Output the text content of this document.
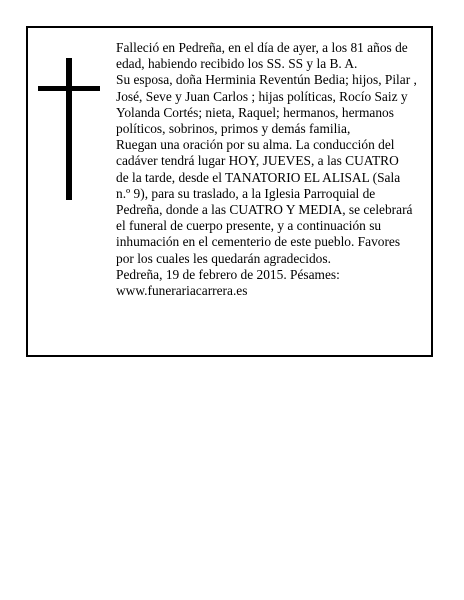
Falleció en Pedreña, en el día de ayer, a los 81 años de
edad, habiendo recibido los SS. SS y la B. A.

Su esposa, doña Herminia Reventún Bedia; hijos, Pilar ,
José, Seve y Juan Carlos ; hijas políticas, Rocío Saiz y
Yolanda Cortés; nieta, Raquel; hermanos, hermanos
políticos, sobrinos, primos y demás familia,

Ruegan una oración por su alma. La conducción del
cadáver tendrá lugar HOY, JUEVES, a las CUATRO
de la tarde, desde el TANATORIO EL ALISAL (Sala
n.º 9), para su traslado, a la Iglesia Parroquial de
Pedreña, donde a las CUATRO Y MEDIA, se celebrará
el funeral de cuerpo presente, y a continuación su
inhumación en el cementerio de este pueblo. Favores
por los cuales les quedarán agradecidos.

Pedreña, 19 de febrero de 2015. Pésames:
www.funerariacarrera.es
